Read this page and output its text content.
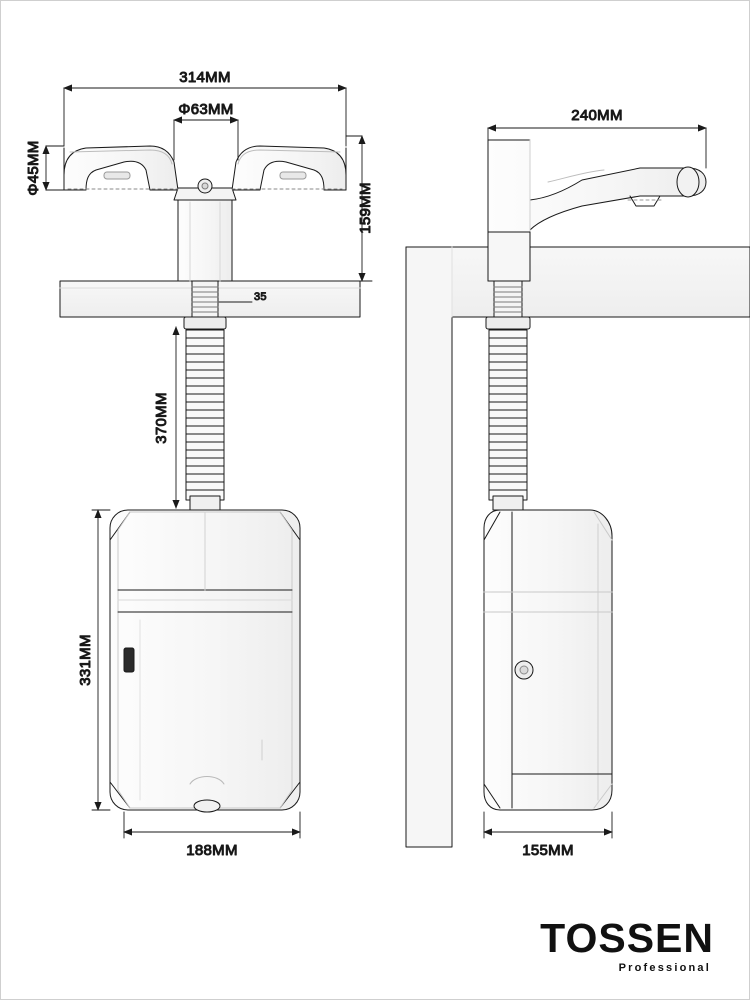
314MM
Φ63MM
Φ45MM
159MM
35
370MM
331MM
188MM
240MM
155MM
TOSSEN
Professional
